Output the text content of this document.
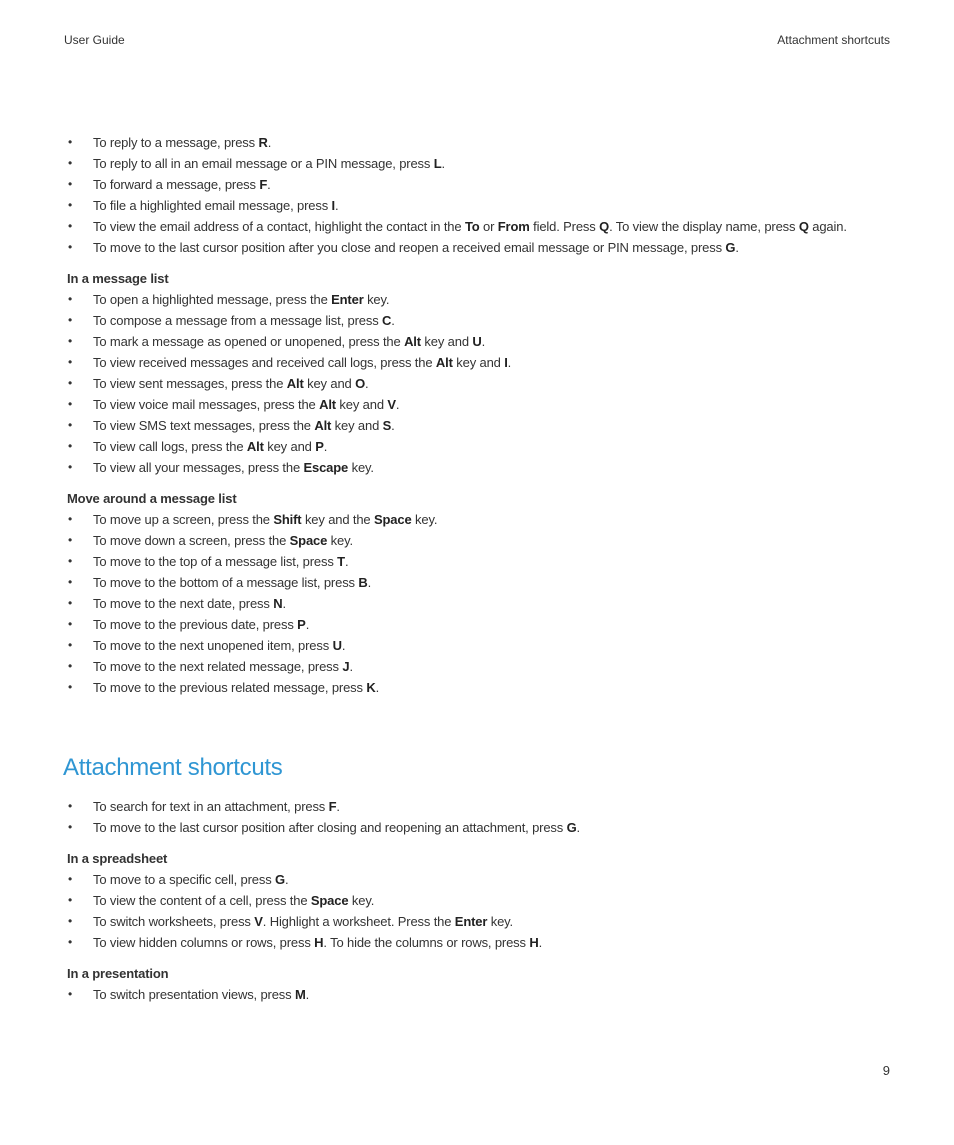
User Guide	Attachment shortcuts
• To reply to a message, press R.
• To reply to all in an email message or a PIN message, press L.
• To forward a message, press F.
• To file a highlighted email message, press I.
• To view the email address of a contact, highlight the contact in the To or From field. Press Q. To view the display name, press Q again.
• To move to the last cursor position after you close and reopen a received email message or PIN message, press G.
In a message list
• To open a highlighted message, press the Enter key.
• To compose a message from a message list, press C.
• To mark a message as opened or unopened, press the Alt key and U.
• To view received messages and received call logs, press the Alt key and I.
• To view sent messages, press the Alt key and O.
• To view voice mail messages, press the Alt key and V.
• To view SMS text messages, press the Alt key and S.
• To view call logs, press the Alt key and P.
• To view all your messages, press the Escape key.
Move around a message list
• To move up a screen, press the Shift key and the Space key.
• To move down a screen, press the Space key.
• To move to the top of a message list, press T.
• To move to the bottom of a message list, press B.
• To move to the next date, press N.
• To move to the previous date, press P.
• To move to the next unopened item, press U.
• To move to the next related message, press J.
• To move to the previous related message, press K.
Attachment shortcuts
• To search for text in an attachment, press F.
• To move to the last cursor position after closing and reopening an attachment, press G.
In a spreadsheet
• To move to a specific cell, press G.
• To view the content of a cell, press the Space key.
• To switch worksheets, press V. Highlight a worksheet. Press the Enter key.
• To view hidden columns or rows, press H. To hide the columns or rows, press H.
In a presentation
• To switch presentation views, press M.
9
